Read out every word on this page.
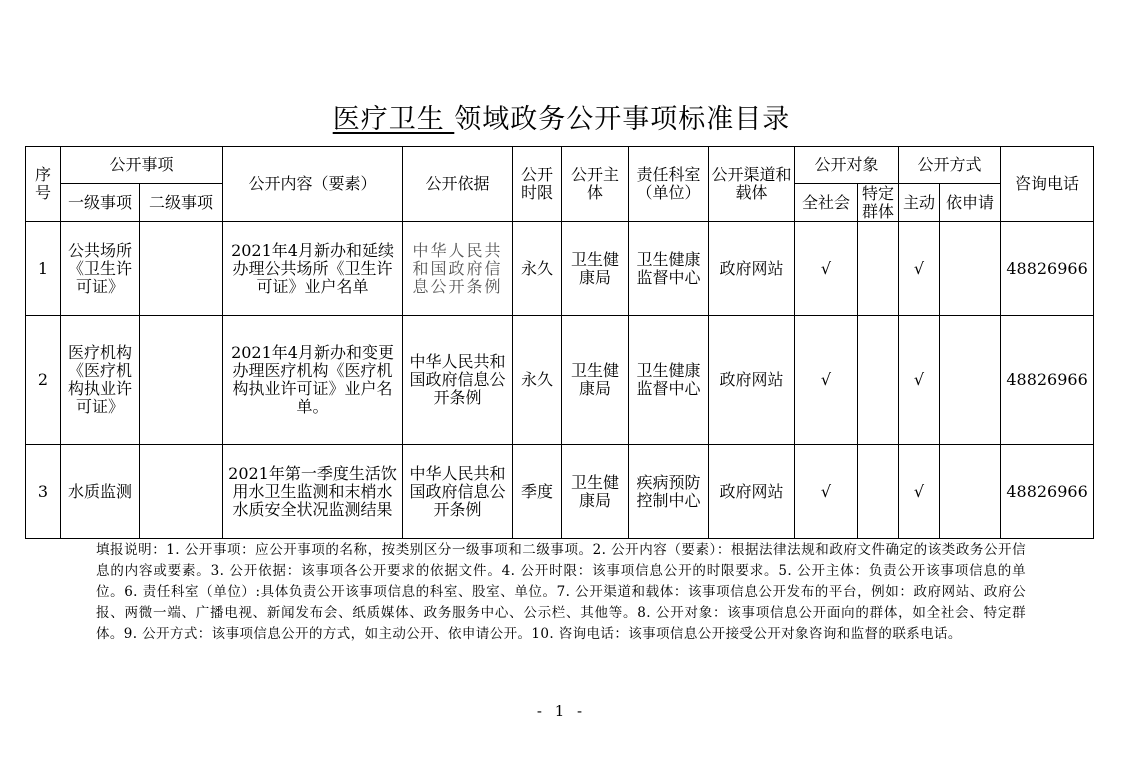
医疗卫生 领域政务公开事项标准目录
序号	公开事项		公开内容（要素）	公开依据	公开时限	公开主体	责任科室（单位）	公开渠道和载体	公开对象		公开方式		咨询电话
	一级事项	二级事项							全社会	特定群体	主动	依申请	
1	公共场所《卫生许可证》		2021年4月新办和延续办理公共场所《卫生许可证》业户名单	中华人民共和国政府信息公开条例	永久	卫生健康局	卫生健康监督中心	政府网站	√		√		48826966
2	医疗机构《医疗机构执业许可证》		2021年4月新办和变更办理医疗机构《医疗机构执业许可证》业户名单。	中华人民共和国政府信息公开条例	永久	卫生健康局	卫生健康监督中心	政府网站	√		√		48826966
3	水质监测		2021年第一季度生活饮用水卫生监测和末梢水水质安全状况监测结果	中华人民共和国政府信息公开条例	季度	卫生健康局	疾病预防控制中心	政府网站	√		√		48826966
填报说明：1. 公开事项：应公开事项的名称，按类别区分一级事项和二级事项。2. 公开内容（要素）：根据法律法规和政府文件确定的该类政务公开信息的内容或要素。3. 公开依据：该事项各公开要求的依据文件。4. 公开时限：该事项信息公开的时限要求。5. 公开主体：负责公开该事项信息的单位。6. 责任科室（单位）:具体负责公开该事项信息的科室、股室、单位。7. 公开渠道和载体：该事项信息公开发布的平台，例如：政府网站、政府公报、两微一端、广播电视、新闻发布会、纸质媒体、政务服务中心、公示栏、其他等。8. 公开对象：该事项信息公开面向的群体，如全社会、特定群体。9. 公开方式：该事项信息公开的方式，如主动公开、依申请公开。10. 咨询电话：该事项信息公开接受公开对象咨询和监督的联系电话。
- 1 -
